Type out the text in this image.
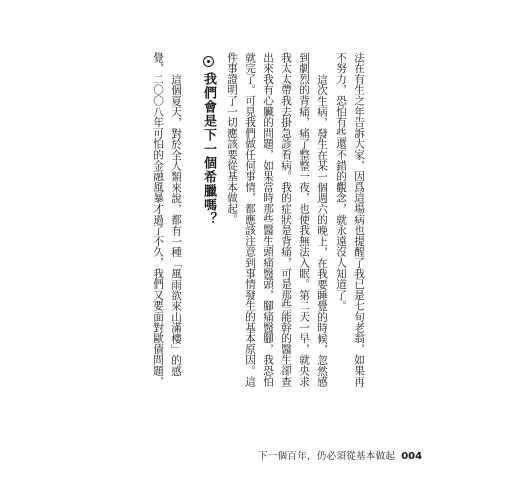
法在有生之年告訴大家，因爲這場病也提醒了我已是七旬老翁，如果再
不努力，恐怕有些還不錯的觀念，就永遠沒人知道了。
這次生病，發生在某一個週六的晚上，在我要睡覺的時候，忽然感
到劇烈的背痛，痛了整整一夜，也使我無法入眠。第二天一早，就央求
我太太帶我去掛急診看病。我的症狀是背痛，可是那些能幹的醫生卻查
出來我有心臟的問題，如果當時那些醫生頭痛醫頭，腳痛醫腳，我恐怕
就完了。可見我們做任何事情，都應該注意到事情發生的基本原因。這
件事證明了一切應該要從基本做起。
我們會是下一個希臘嗎？
這個夏天，對於全人類來說，都有一種「風雨欲來山滿樓」的感
覺，二〇〇八年可怕的金融風暴才過了不久，我們又要面對歐債問題，
下一個百年，仍必須從基本做起 004
